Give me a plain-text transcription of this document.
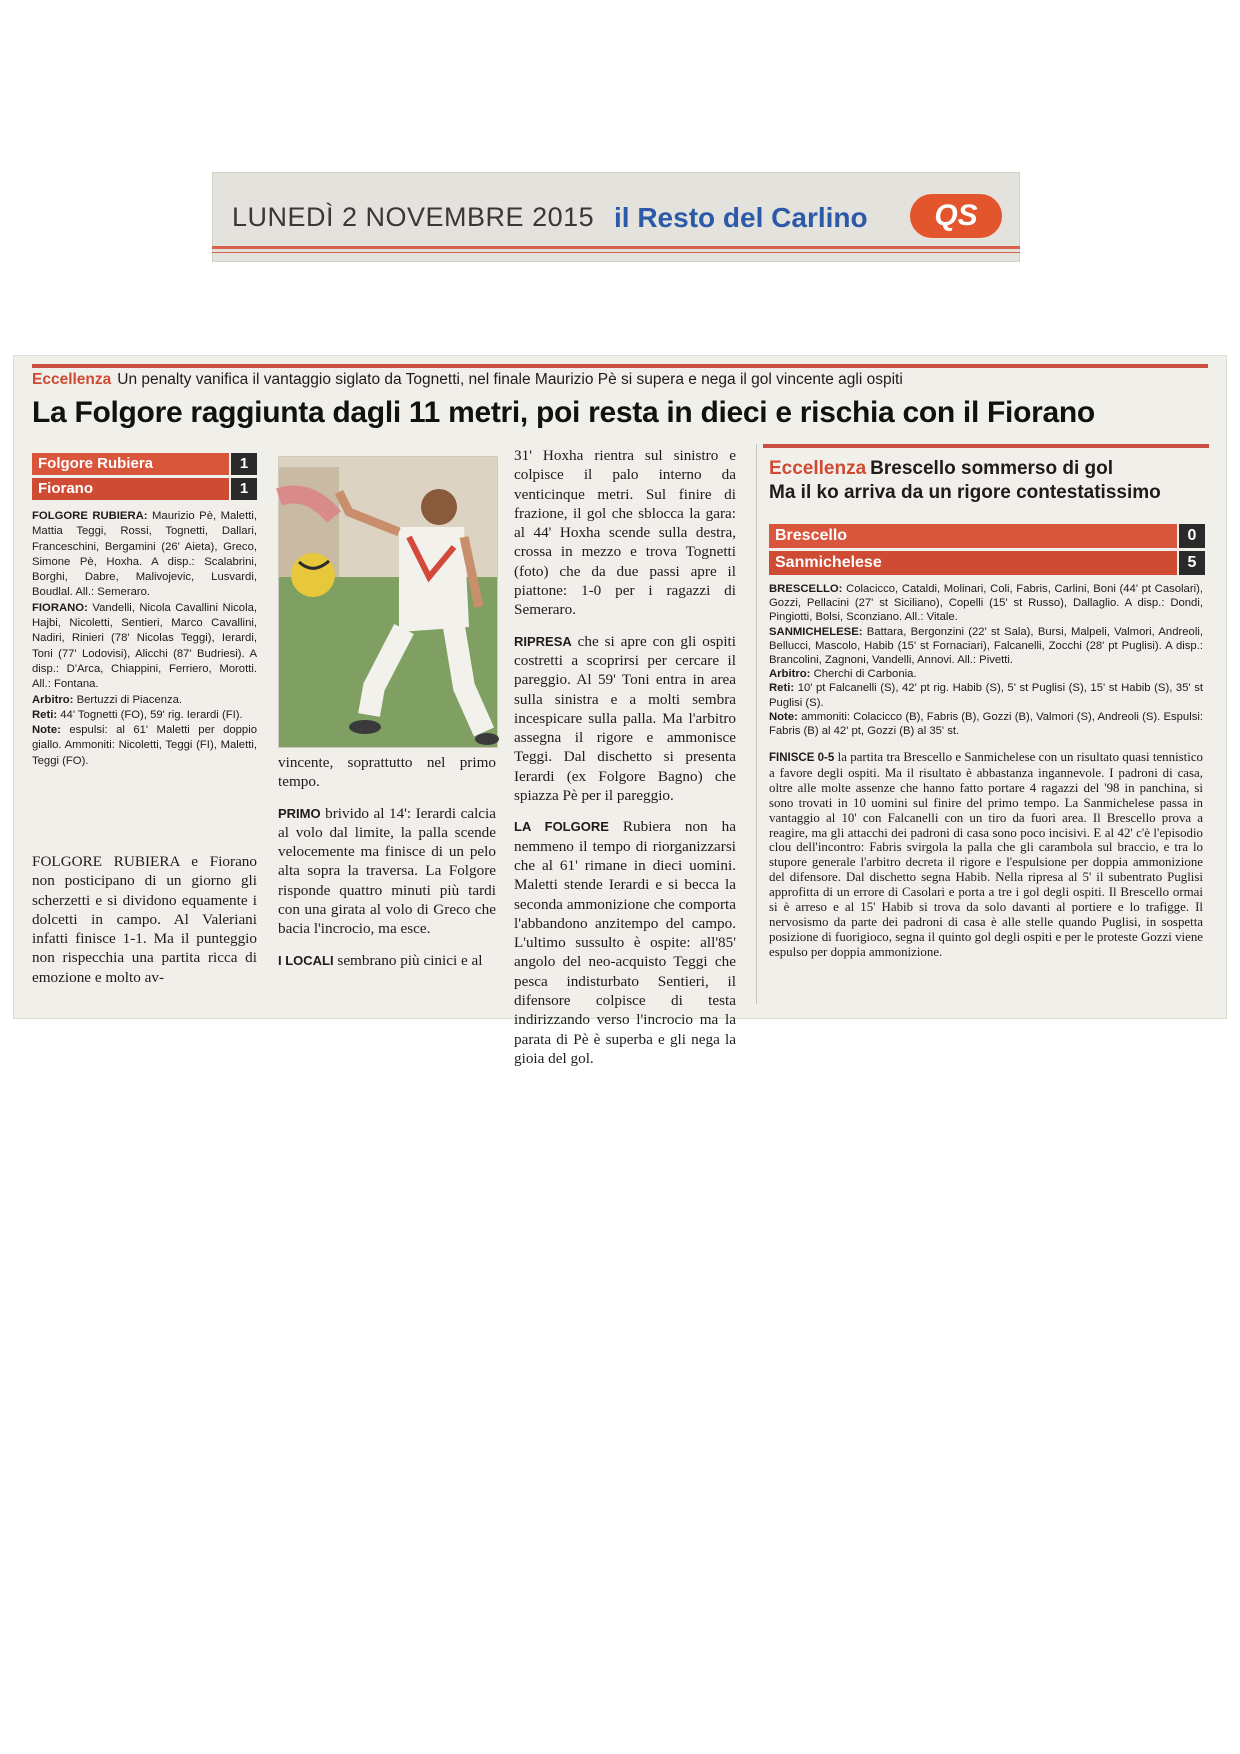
LUNEDÌ 2 NOVEMBRE 2015 il Resto del Carlino	QS
Eccellenza Un penalty vanifica il vantaggio siglato da Tognetti, nel finale Maurizio Pè si supera e nega il gol vincente agli ospiti
La Folgore raggiunta dagli 11 metri, poi resta in dieci e rischia con il Fiorano
Folgore Rubiera	1
Fiorano	1

FOLGORE RUBIERA: Maurizio Pè, Maletti, Mattia Teggi, Rossi, Tognetti, Dallari, Franceschini, Bergamini (26' Aieta), Greco, Simone Pè, Hoxha. A disp.: Scalabrini, Borghi, Dabre, Malivojevic, Lusvardi, Boudlal. All.: Semeraro.

FIORANO: Vandelli, Nicola Cavallini Nicola, Hajbi, Nicoletti, Sentieri, Marco Cavallini, Nadiri, Rinieri (78' Nicolas Teggi), Ierardi, Toni (77' Lodovisi), Alicchi (87' Budriesi). A disp.: D'Arca, Chiappini, Ferriero, Morotti. All.: Fontana.

Arbitro: Bertuzzi di Piacenza.

Reti: 44' Tognetti (FO), 59' rig. Ierardi (FI).

Note: espulsi: al 61' Maletti per doppio giallo. Ammoniti: Nicoletti, Teggi (FI), Maletti, Teggi (FO).

FOLGORE RUBIERA e Fiorano non posticipano di un giorno gli scherzetti e si dividono equamente i dolcetti in campo. Al Valeriani infatti finisce 1-1. Ma il punteggio non rispecchia una partita ricca di emozione e molto av-

vincente, soprattutto nel primo tempo.

PRIMO brivido al 14': Ierardi calcia al volo dal limite, la palla scende velocemente ma finisce di un pelo alta sopra la traversa. La Folgore risponde quattro minuti più tardi con una girata al volo di Greco che bacia l'incrocio, ma esce.

I LOCALI sembrano più cinici e al

31' Hoxha rientra sul sinistro e colpisce il palo interno da venticinque metri. Sul finire di frazione, il gol che sblocca la gara: al 44' Hoxha scende sulla destra, crossa in mezzo e trova Tognetti (foto) che da due passi apre il piattone: 1-0 per i ragazzi di Semeraro.

RIPRESA che si apre con gli ospiti costretti a scoprirsi per cercare il pareggio. Al 59' Toni entra in area sulla sinistra e a molti sembra incespicare sulla palla. Ma l'arbitro assegna il rigore e ammonisce Teggi. Dal dischetto si presenta Ierardi (ex Folgore Bagno) che spiazza Pè per il pareggio.

LA FOLGORE Rubiera non ha nemmeno il tempo di riorganizzarsi che al 61' rimane in dieci uomini. Maletti stende Ierardi e si becca la seconda ammonizione che comporta l'abbandono anzitempo del campo. L'ultimo sussulto è ospite: all'85' angolo del neo-acquisto Teggi che pesca indisturbato Sentieri, il difensore colpisce di testa indirizzando verso l'incrocio ma la parata di Pè è superba e gli nega la gioia del gol.

Eccellenza Brescello sommerso di gol
Ma il ko arriva da un rigore contestatissimo
Brescello	0
Sanmichelese	5

BRESCELLO: Colacicco, Cataldi, Molinari, Coli, Fabris, Carlini, Boni (44' pt Casolari), Gozzi, Pellacini (27' st Siciliano), Copelli (15' st Russo), Dallaglio. A disp.: Dondi, Pingiotti, Bolsi, Sconziano. All.: Vitale.

SANMICHELESE: Battara, Bergonzini (22' st Sala), Bursi, Malpeli, Valmori, Andreoli, Bellucci, Mascolo, Habib (15' st Fornaciari), Falcanelli, Zocchi (28' pt Puglisi). A disp.: Brancolini, Zagnoni, Vandelli, Annovi. All.: Pivetti.

Arbitro: Cherchi di Carbonia.

Reti: 10' pt Falcanelli (S), 42' pt rig. Habib (S), 5' st Puglisi (S), 15' st Habib (S), 35' st Puglisi (S).

Note: ammoniti: Colacicco (B), Fabris (B), Gozzi (B), Valmori (S), Andreoli (S). Espulsi: Fabris (B) al 42' pt, Gozzi (B) al 35' st.

FINISCE 0-5 la partita tra Brescello e Sanmichelese con un risultato quasi tennistico a favore degli ospiti. Ma il risultato è abbastanza ingannevole. I padroni di casa, oltre alle molte assenze che hanno fatto portare 4 ragazzi del '98 in panchina, si sono trovati in 10 uomini sul finire del primo tempo. La Sanmichelese passa in vantaggio al 10' con Falcanelli con un tiro da fuori area. Il Brescello prova a reagire, ma gli attacchi dei padroni di casa sono poco incisivi. E al 42' c'è l'episodio clou dell'incontro: Fabris svirgola la palla che gli carambola sul braccio, e tra lo stupore generale l'arbitro decreta il rigore e l'espulsione per doppia ammonizione del difensore. Dal dischetto segna Habib. Nella ripresa al 5' il subentrato Puglisi approfitta di un errore di Casolari e porta a tre i gol degli ospiti. Il Brescello ormai si è arreso e al 15' Habib si trova da solo davanti al portiere e lo trafigge. Il nervosismo da parte dei padroni di casa è alle stelle quando Puglisi, in sospetta posizione di fuorigioco, segna il quinto gol degli ospiti e per le proteste Gozzi viene espulso per doppia ammonizione.
